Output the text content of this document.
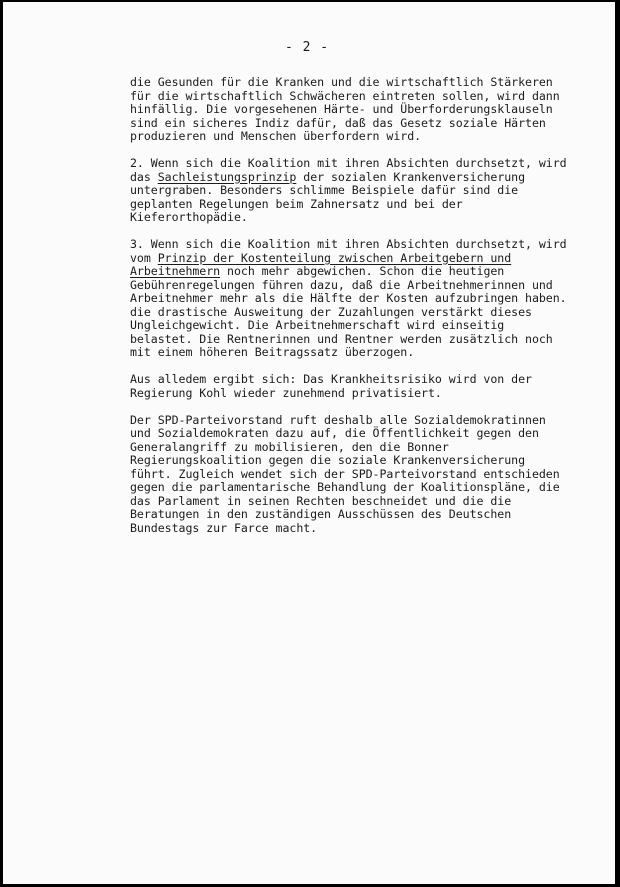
- 2 -

die Gesunden für die Kranken und die wirtschaftlich Stärkeren
für die wirtschaftlich Schwächeren eintreten sollen, wird dann
hinfällig. Die vorgesehenen Härte- und Überforderungsklauseln
sind ein sicheres Indiz dafür, daß das Gesetz soziale Härten
produzieren und Menschen überfordern wird.

2. Wenn sich die Koalition mit ihren Absichten durchsetzt, wird
das Sachleistungsprinzip der sozialen Krankenversicherung
untergraben. Besonders schlimme Beispiele dafür sind die
geplanten Regelungen beim Zahnersatz und bei der
Kieferorthopädie.

3. Wenn sich die Koalition mit ihren Absichten durchsetzt, wird
vom Prinzip der Kostenteilung zwischen Arbeitgebern und
Arbeitnehmern noch mehr abgewichen. Schon die heutigen
Gebührenregelungen führen dazu, daß die Arbeitnehmerinnen und
Arbeitnehmer mehr als die Hälfte der Kosten aufzubringen haben.
die drastische Ausweitung der Zuzahlungen verstärkt dieses
Ungleichgewicht. Die Arbeitnehmerschaft wird einseitig
belastet. Die Rentnerinnen und Rentner werden zusätzlich noch
mit einem höheren Beitragssatz überzogen.

Aus alledem ergibt sich: Das Krankheitsrisiko wird von der
Regierung Kohl wieder zunehmend privatisiert.

Der SPD-Parteivorstand ruft deshalb alle Sozialdemokratinnen
und Sozialdemokraten dazu auf, die Öffentlichkeit gegen den
Generalangriff zu mobilisieren, den die Bonner
Regierungskoalition gegen die soziale Krankenversicherung
führt. Zugleich wendet sich der SPD-Parteivorstand entschieden
gegen die parlamentarische Behandlung der Koalitionspläne, die
das Parlament in seinen Rechten beschneidet und die die
Beratungen in den zuständigen Ausschüssen des Deutschen
Bundestags zur Farce macht.
